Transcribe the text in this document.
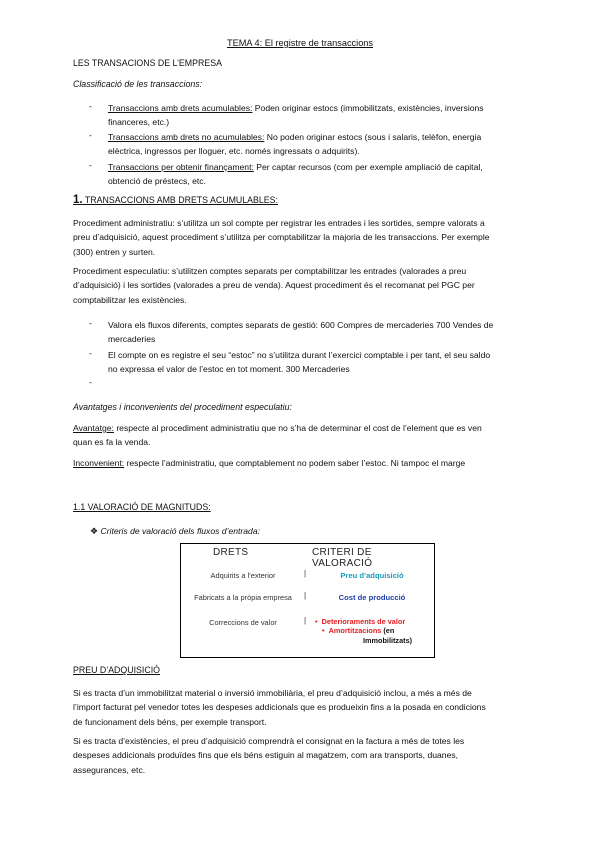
TEMA 4: El registre de transaccions
LES TRANSACIONS DE L’EMPRESA
Classificació de les transaccions:
- Transaccions amb drets acumulables: Poden originar estocs (immobilitzats, existències, inversions
financeres, etc.)
- Transaccions amb drets no acumulables: No poden originar estocs (sous i salaris, telèfon, energia
elèctrica, ingressos per lloguer, etc. només ingressats o adquirits).
- Transaccions per obtenir finançament: Per captar recursos (com per exemple ampliació de capital,
obtenció de préstecs, etc.
1. TRANSACCIONS AMB DRETS ACUMULABLES:
Procediment administratiu: s’utilitza un sol compte per registrar les entrades i les sortides, sempre valorats a
preu d’adquisició, aquest procediment s’utilitza per comptabilitzar la majoria de les transaccions. Per exemple
(300) entren y surten.
Procediment especulatiu: s’utilitzen comptes separats per comptabilitzar les entrades (valorades a preu
d’adquisició) i les sortides (valorades a preu de venda). Aquest procediment és el recomanat pel PGC per
comptabilitzar les existències.
- Valora els fluxos diferents, comptes separats de gestió: 600 Compres de mercaderies 700 Vendes de
mercaderies
- El compte on es registre el seu “estoc” no s’utilitza durant l’exercici comptable i per tant, el seu saldo
no expressa el valor de l’estoc en tot moment. 300 Mercaderies
-
Avantatges i inconvenients del procediment especulatiu:
Avantatge: respecte al procediment administratiu que no s’ha de determinar el cost de l’element que es ven
quan es fa la venda.
Inconvenient: respecte l’administratiu, que comptablement no podem saber l’estoc. Ni tampoc el marge
1.1 VALORACIÓ DE MAGNITUDS:
❖ Criteris de valoració dels fluxos d’entrada:
DRETS	CRITERI DE VALORACIÓ
Adquirits a l’exterior	|	Preu d’adquisició
Fabricats a la pròpia empresa	|	Cost de producció
Correccions de valor	| • Deterioraments de valor
• Amortitzacions (en
Immobilitzats)
PREU D’ADQUISICIÓ
Si es tracta d’un immobilitzat material o inversió immobiliària, el preu d’adquisició inclou, a més a més de
l’import facturat pel venedor totes les despeses addicionals que es produeixin fins a la posada en condicions
de funcionament dels béns, per exemple transport.
Si es tracta d’existències, el preu d’adquisició comprendrà el consignat en la factura a més de totes les
despeses addicionals produïdes fins que els béns estiguin al magatzem, com ara transports, duanes,
assegurances, etc.
